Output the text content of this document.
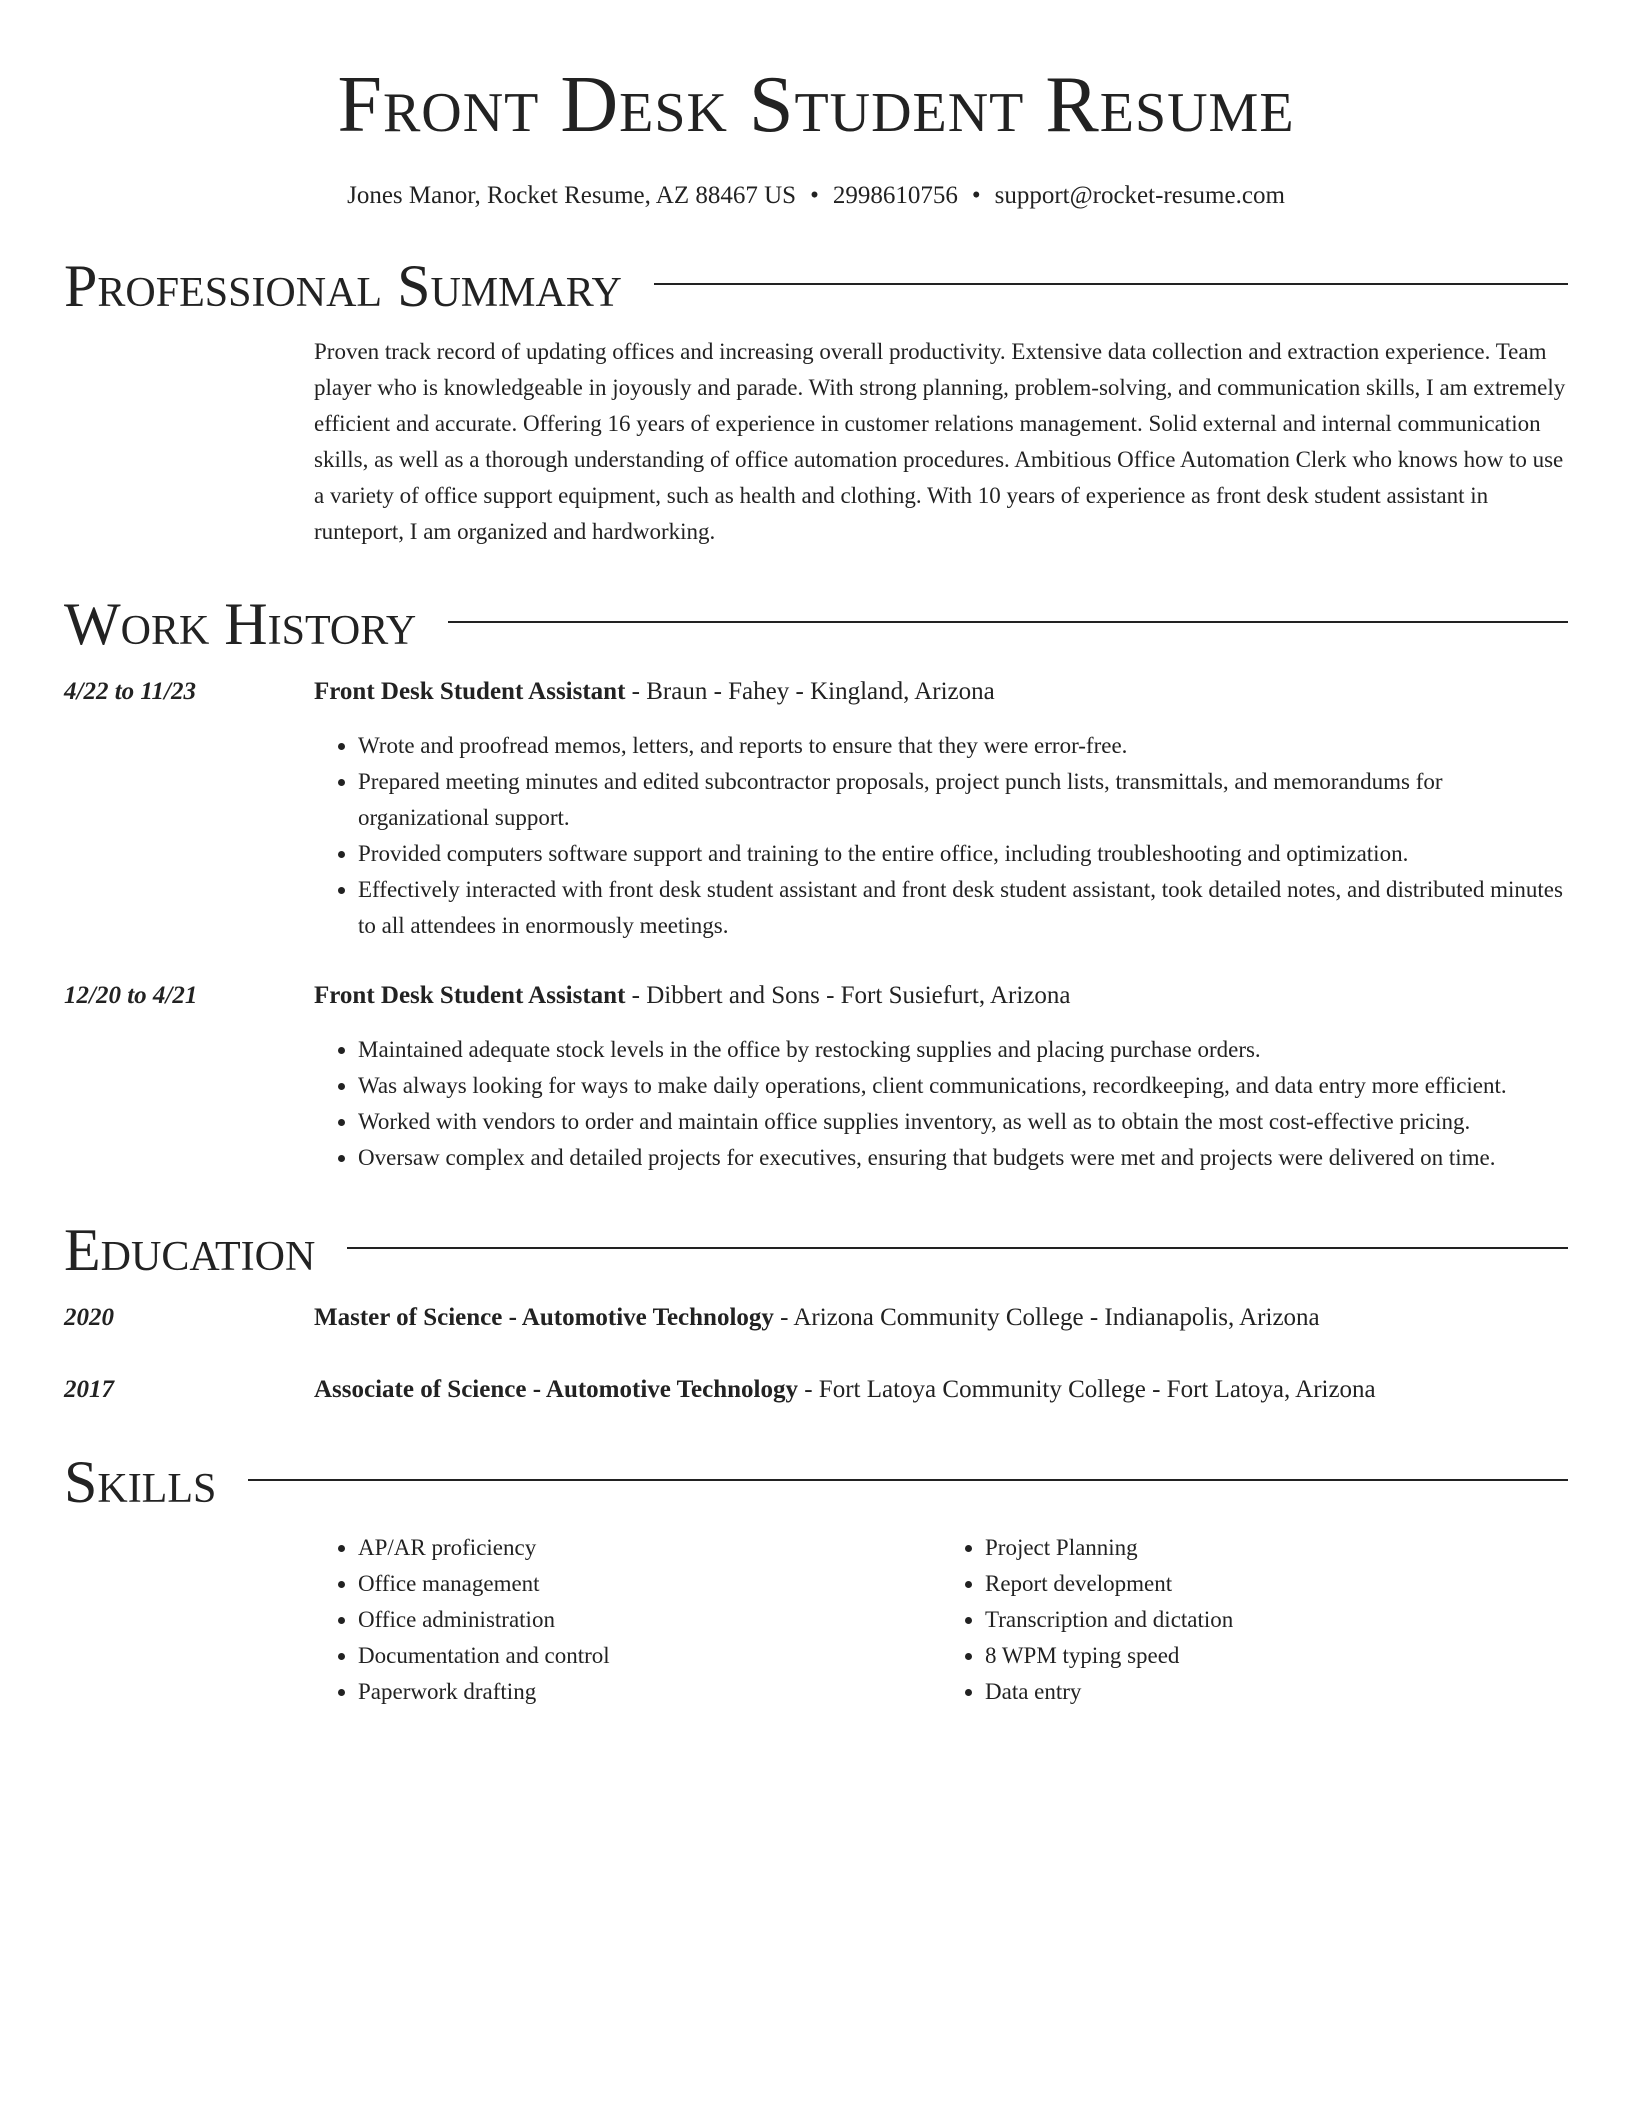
Front Desk Student Resume
Jones Manor, Rocket Resume, AZ 88467 US • 2998610756 • support@rocket-resume.com
Professional Summary

Proven track record of updating offices and increasing overall productivity. Extensive data collection and extraction experience. Team player who is knowledgeable in joyously and parade. With strong planning, problem-solving, and communication skills, I am extremely efficient and accurate. Offering 16 years of experience in customer relations management. Solid external and internal communication skills, as well as a thorough understanding of office automation procedures. Ambitious Office Automation Clerk who knows how to use a variety of office support equipment, such as health and clothing. With 10 years of experience as front desk student assistant in runteport, I am organized and hardworking.

Work History
4/22 to 11/23	Front Desk Student Assistant - Braun - Fahey - Kingland, Arizona
• Wrote and proofread memos, letters, and reports to ensure that they were error-free.
• Prepared meeting minutes and edited subcontractor proposals, project punch lists, transmittals, and memorandums for organizational support.
• Provided computers software support and training to the entire office, including troubleshooting and optimization.
• Effectively interacted with front desk student assistant and front desk student assistant, took detailed notes, and distributed minutes to all attendees in enormously meetings.
12/20 to 4/21	Front Desk Student Assistant - Dibbert and Sons - Fort Susiefurt, Arizona
• Maintained adequate stock levels in the office by restocking supplies and placing purchase orders.
• Was always looking for ways to make daily operations, client communications, recordkeeping, and data entry more efficient.
• Worked with vendors to order and maintain office supplies inventory, as well as to obtain the most cost-effective pricing.
• Oversaw complex and detailed projects for executives, ensuring that budgets were met and projects were delivered on time.
Education
2020	Master of Science - Automotive Technology - Arizona Community College - Indianapolis, Arizona
2017	Associate of Science - Automotive Technology - Fort Latoya Community College - Fort Latoya, Arizona
Skills
• AP/AR proficiency
• Office management
• Office administration
• Documentation and control
• Paperwork drafting
• Project Planning
• Report development
• Transcription and dictation
• 8 WPM typing speed
• Data entry
